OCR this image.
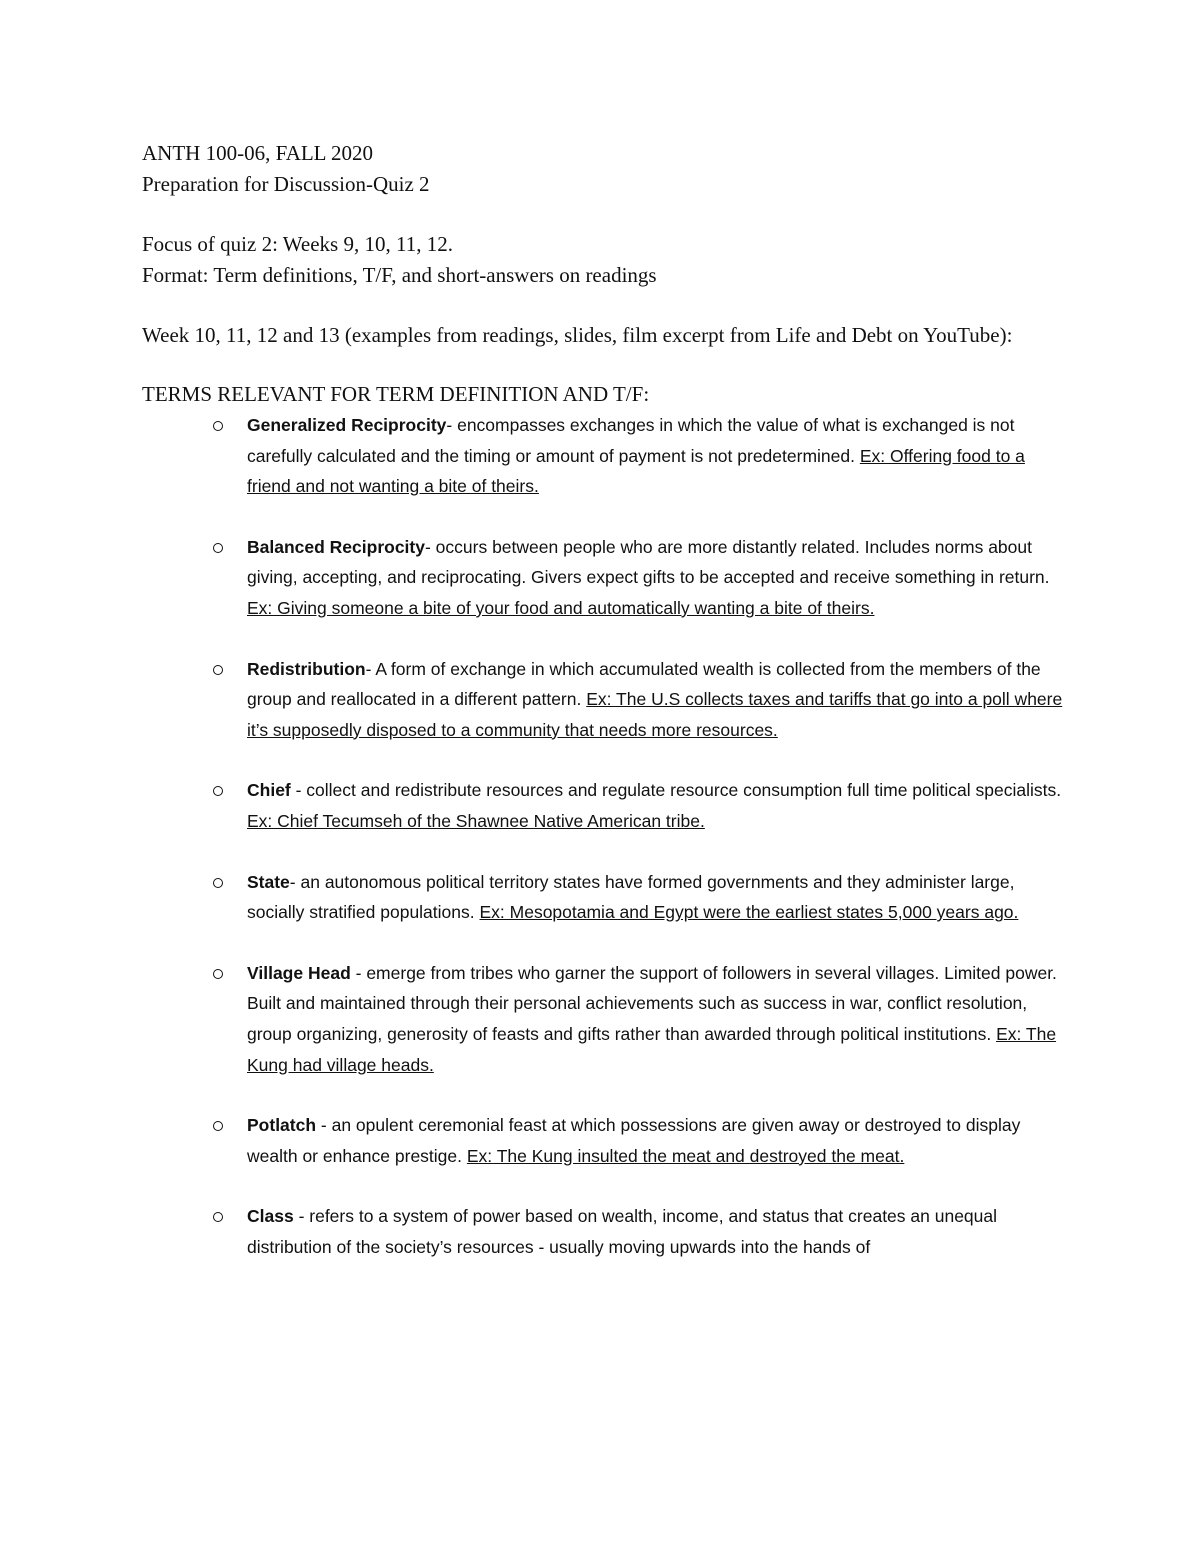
ANTH 100-06, FALL 2020

Preparation for Discussion-Quiz 2

Focus of quiz 2: Weeks 9, 10, 11, 12.

Format: Term definitions, T/F, and short-answers on readings

Week 10, 11, 12 and 13 (examples from readings, slides, film excerpt from Life and Debt on YouTube):

TERMS RELEVANT FOR TERM DEFINITION AND T/F:

Generalized Reciprocity- encompasses exchanges in which the value of what is exchanged is not carefully calculated and the timing or amount of payment is not predetermined. Ex: Offering food to a friend and not wanting a bite of theirs.
Balanced Reciprocity- occurs between people who are more distantly related. Includes norms about giving, accepting, and reciprocating. Givers expect gifts to be accepted and receive something in return. Ex: Giving someone a bite of your food and automatically wanting a bite of theirs.
Redistribution- A form of exchange in which accumulated wealth is collected from the members of the group and reallocated in a different pattern. Ex: The U.S collects taxes and tariffs that go into a poll where it’s supposedly disposed to a community that needs more resources.
Chief - collect and redistribute resources and regulate resource consumption full time political specialists. Ex: Chief Tecumseh of the Shawnee Native American tribe.
State- an autonomous political territory states have formed governments and they administer large, socially stratified populations. Ex: Mesopotamia and Egypt were the earliest states 5,000 years ago.
Village Head - emerge from tribes who garner the support of followers in several villages. Limited power. Built and maintained through their personal achievements such as success in war, conflict resolution, group organizing, generosity of feasts and gifts rather than awarded through political institutions. Ex: The Kung had village heads.
Potlatch - an opulent ceremonial feast at which possessions are given away or destroyed to display wealth or enhance prestige. Ex: The Kung insulted the meat and destroyed the meat.
Class - refers to a system of power based on wealth, income, and status that creates an unequal distribution of the society’s resources - usually moving upwards into the hands of
